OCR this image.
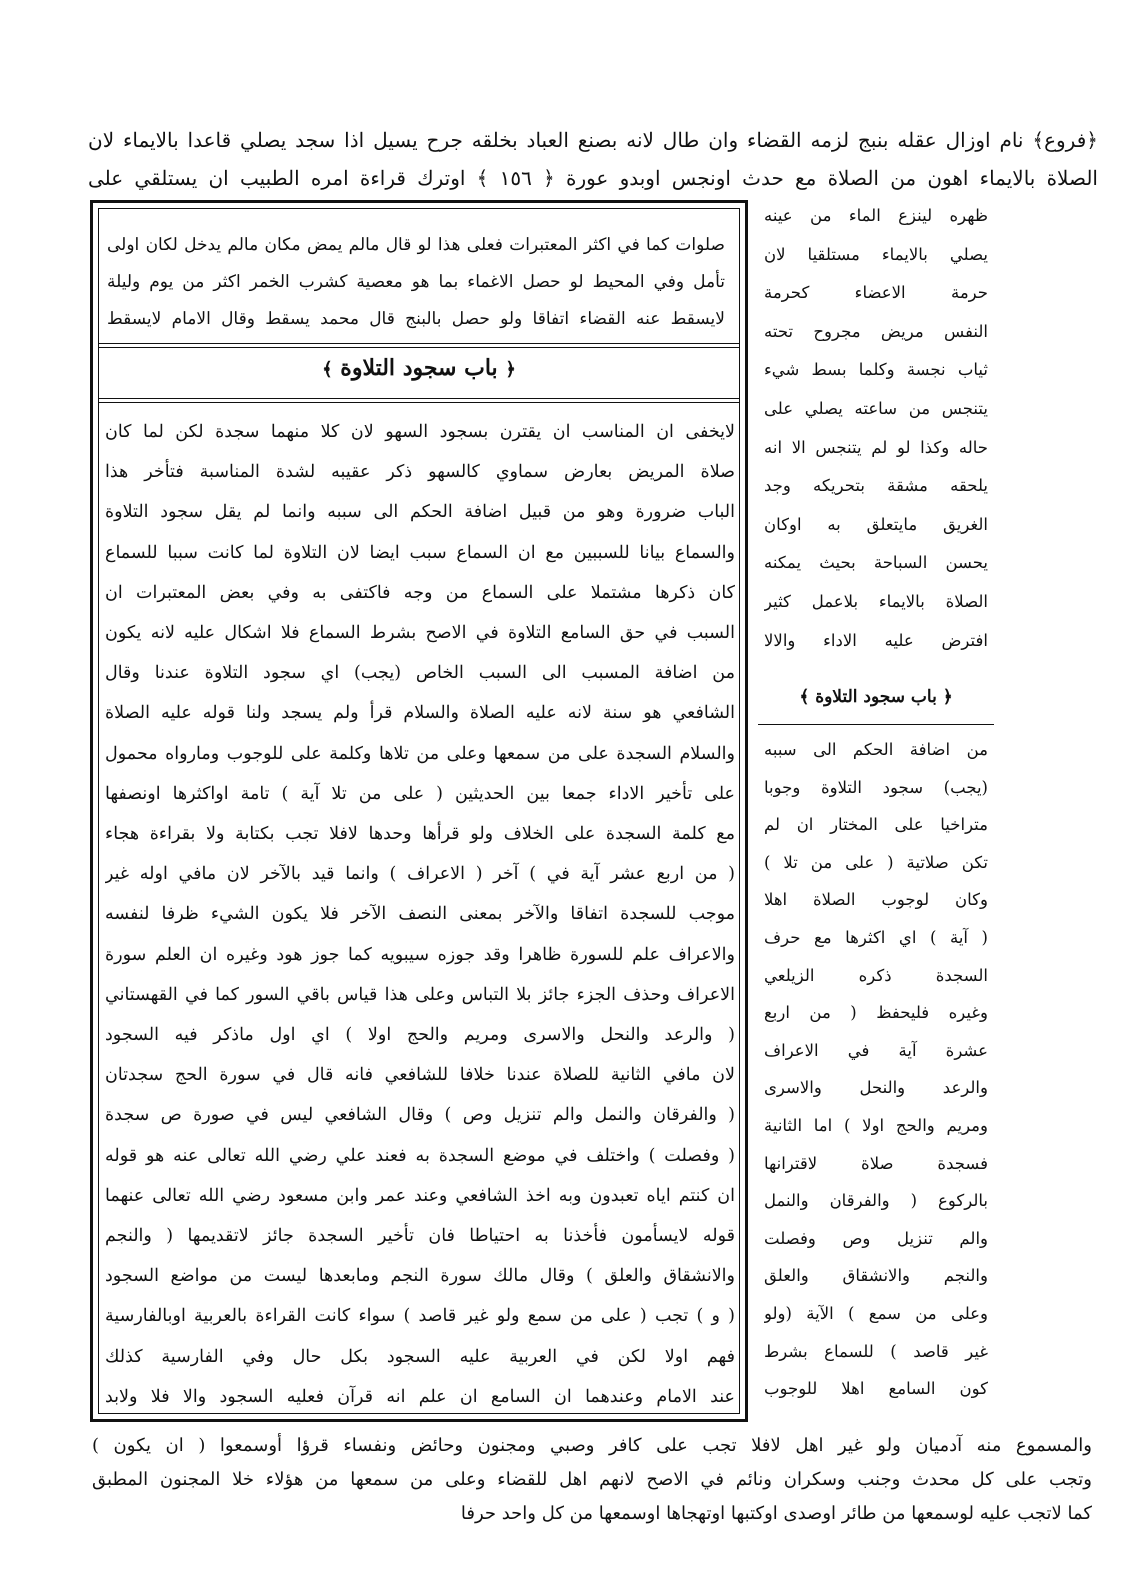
﴿فروع﴾ نام اوزال عقله بنبج لزمه القضاء وان طال لانه بصنع العباد بخلقه جرح يسيل اذا سجد يصلي قاعدا بالايماء لان
الصلاة بالايماء اهون من الصلاة مع حدث اونجس اوبدو عورة ﴿ ١٥٦ ﴾ اوترك قراءة امره الطبيب ان يستلقي على
صلوات كما في اكثر المعتبرات فعلى هذا لو قال مالم يمض مكان مالم يدخل لكان اولى
تأمل وفي المحيط لو حصل الاغماء بما هو معصية كشرب الخمر اكثر من يوم وليلة
لايسقط عنه القضاء اتفاقا ولو حصل بالبنج قال محمد يسقط وقال الامام لايسقط
﴿ باب سجود التلاوة ﴾
لايخفى ان المناسب ان يقترن بسجود السهو لان كلا منهما سجدة لكن لما كان
صلاة المريض بعارض سماوي كالسهو ذكر عقيبه لشدة المناسبة فتأخر هذا
الباب ضرورة وهو من قبيل اضافة الحكم الى سببه وانما لم يقل سجود التلاوة
والسماع بيانا للسببين مع ان السماع سبب ايضا لان التلاوة لما كانت سببا للسماع
كان ذكرها مشتملا على السماع من وجه فاكتفى به وفي بعض المعتبرات ان
السبب في حق السامع التلاوة في الاصح بشرط السماع فلا اشكال عليه لانه يكون
من اضافة المسبب الى السبب الخاص (يجب) اي سجود التلاوة عندنا وقال
الشافعي هو سنة لانه عليه الصلاة والسلام قرأ ولم يسجد ولنا قوله عليه الصلاة
والسلام السجدة على من سمعها وعلى من تلاها وكلمة على للوجوب ومارواه محمول
على تأخير الاداء جمعا بين الحديثين ( على من تلا آية ) تامة اواكثرها اونصفها
مع كلمة السجدة على الخلاف ولو قرأها وحدها لافلا تجب بكتابة ولا بقراءة هجاء
( من اربع عشر آية في ) آخر ( الاعراف ) وانما قيد بالآخر لان مافي اوله غير
موجب للسجدة اتفاقا والآخر بمعنى النصف الآخر فلا يكون الشيء ظرفا لنفسه
والاعراف علم للسورة ظاهرا وقد جوزه سيبويه كما جوز هود وغيره ان العلم سورة
الاعراف وحذف الجزء جائز بلا التباس وعلى هذا قياس باقي السور كما في القهستاني
( والرعد والنحل والاسرى ومريم والحج اولا ) اي اول ماذكر فيه السجود
لان مافي الثانية للصلاة عندنا خلافا للشافعي فانه قال في سورة الحج سجدتان
( والفرقان والنمل والم تنزيل وص ) وقال الشافعي ليس في صورة ص سجدة
( وفصلت ) واختلف في موضع السجدة به فعند علي رضي الله تعالى عنه هو قوله
ان كنتم اياه تعبدون وبه اخذ الشافعي وعند عمر وابن مسعود رضي الله تعالى عنهما
قوله لايسأمون فأخذنا به احتياطا فان تأخير السجدة جائز لاتقديمها ( والنجم
والانشقاق والعلق ) وقال مالك سورة النجم ومابعدها ليست من مواضع السجود
( و ) تجب ( على من سمع ولو غير قاصد ) سواء كانت القراءة بالعربية اوبالفارسية
فهم اولا لكن في العربية عليه السجود بكل حال وفي الفارسية كذلك
عند الامام وعندهما ان السامع ان علم انه قرآن فعليه السجود والا فلا ولابد
ظهره لينزع الماء من عينه
يصلي بالايماء مستلقيا لان
حرمة الاعضاء كحرمة
النفس مريض مجروح تحته
ثياب نجسة وكلما بسط شيء
يتنجس من ساعته يصلي على
حاله وكذا لو لم يتنجس الا انه
يلحقه مشقة بتحريكه وجد
الغريق مايتعلق به اوكان
يحسن السباحة بحيث يمكنه
الصلاة بالايماء بلاعمل كثير
افترض عليه الاداء والالا
﴿ باب سجود التلاوة ﴾
من اضافة الحكم الى سببه
(يجب) سجود التلاوة وجوبا
متراخيا على المختار ان لم
تكن صلاتية ( على من تلا )
وكان لوجوب الصلاة اهلا
( آية ) اي اكثرها مع حرف
السجدة ذكره الزيلعي
وغيره فليحفظ ( من اربع
عشرة آية في الاعراف
والرعد والنحل والاسرى
ومريم والحج اولا ) اما الثانية
فسجدة صلاة لاقترانها
بالركوع ( والفرقان والنمل
والم تنزيل وص وفصلت
والنجم والانشقاق والعلق
وعلى من سمع ) الآية (ولو
غير قاصد ) للسماع بشرط
كون السامع اهلا للوجوب
والمسموع منه آدميان ولو غير اهل لافلا تجب على كافر وصبي ومجنون وحائض ونفساء قرؤا أوسمعوا ( ان يكون )
وتجب على كل محدث وجنب وسكران ونائم في الاصح لانهم اهل للقضاء وعلى من سمعها من هؤلاء خلا المجنون المطبق
كما لاتجب عليه لوسمعها من طائر اوصدى اوكتبها اوتهجاها اوسمعها من كل واحد حرفا
